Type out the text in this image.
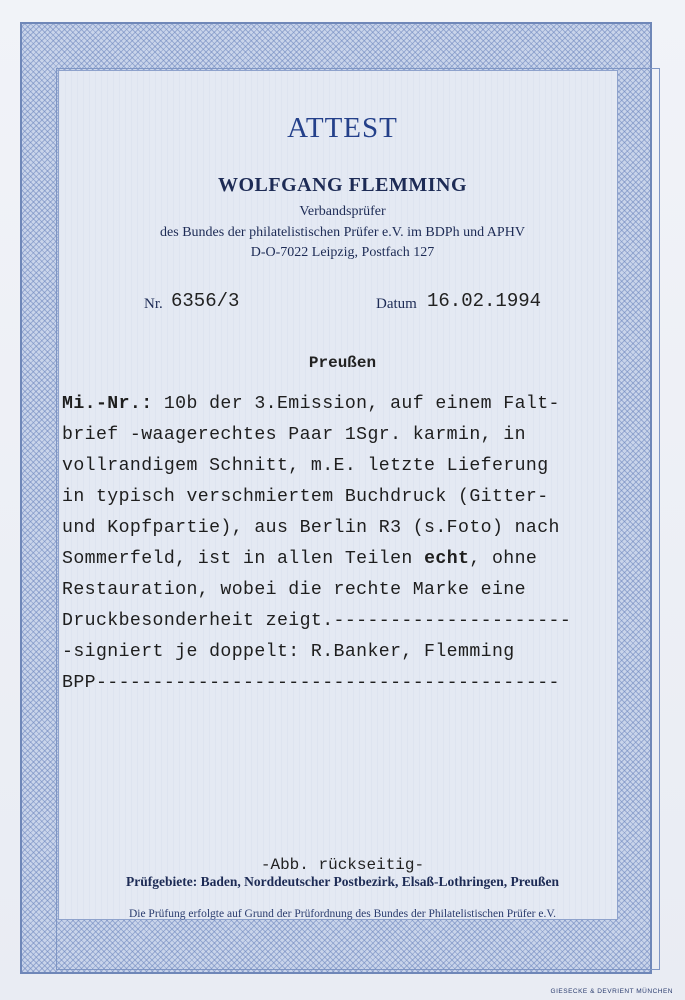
ATTEST
WOLFGANG FLEMMING
Verbandsprüfer
des Bundes der philatelistischen Prüfer e.V. im BDPh und APHV
D-O-7022 Leipzig, Postfach 127
Nr. 6356/3	Datum 16.02.1994
Preußen
Mi.-Nr.: 10b der 3.Emission, auf einem Falt-
brief -waagerechtes Paar 1Sgr. karmin, in
vollrandigem Schnitt, m.E. letzte Lieferung
in typisch verschmiertem Buchdruck (Gitter-
und Kopfpartie), aus Berlin R3 (s.Foto) nach
Sommerfeld, ist in allen Teilen echt, ohne
Restauration, wobei die rechte Marke eine
Druckbesonderheit zeigt.---------------------
-signiert je doppelt: R.Banker, Flemming
BPP-----------------------------------------
-Abb. rückseitig-
Prüfgebiete: Baden, Norddeutscher Postbezirk, Elsaß-Lothringen, Preußen
Die Prüfung erfolgte auf Grund der Prüfordnung des Bundes der Philatelistischen Prüfer e.V.
GIESECKE & DEVRIENT MÜNCHEN
